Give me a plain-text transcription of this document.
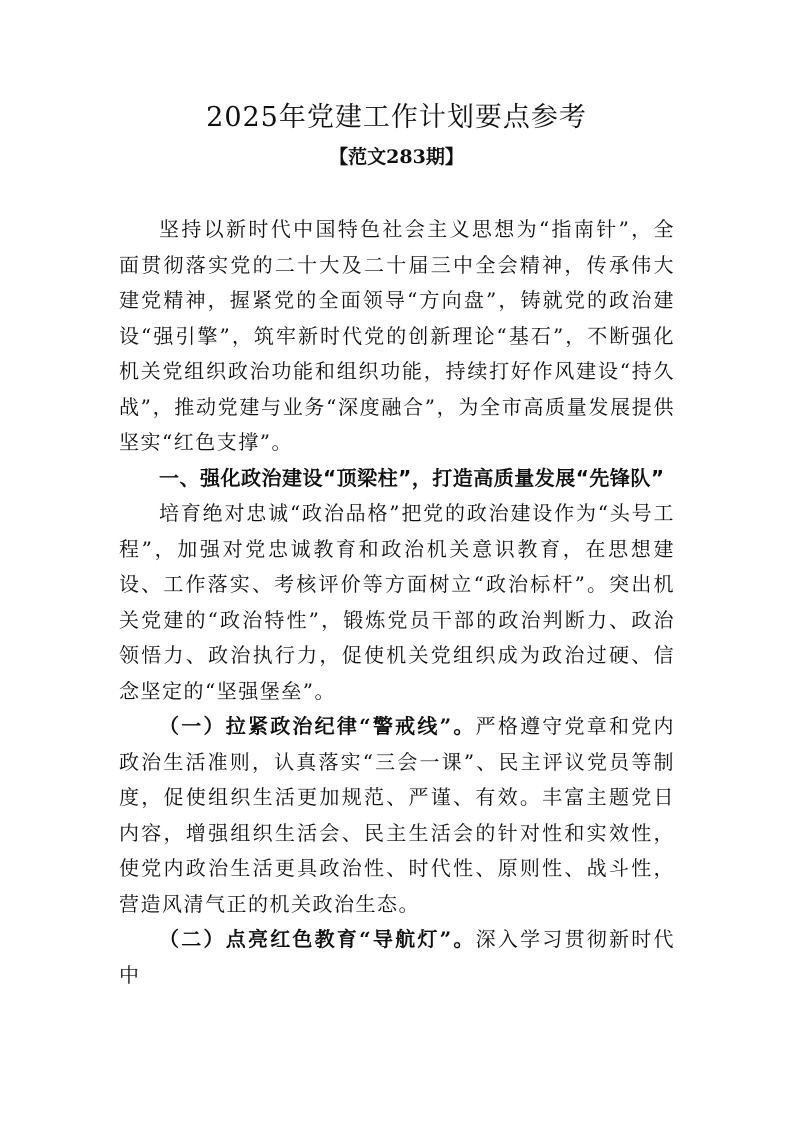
2025年党建工作计划要点参考
【范文283期】

坚持以新时代中国特色社会主义思想为“指南针”，全面贯彻落实党的二十大及二十届三中全会精神，传承伟大建党精神，握紧党的全面领导“方向盘”，铸就党的政治建设“强引擎”，筑牢新时代党的创新理论“基石”，不断强化机关党组织政治功能和组织功能，持续打好作风建设“持久战”，推动党建与业务“深度融合”，为全市高质量发展提供坚实“红色支撑”。

一、强化政治建设“顶梁柱”，打造高质量发展“先锋队”

培育绝对忠诚“政治品格”把党的政治建设作为“头号工程”，加强对党忠诚教育和政治机关意识教育，在思想建设、工作落实、考核评价等方面树立“政治标杆”。突出机关党建的“政治特性”，锻炼党员干部的政治判断力、政治领悟力、政治执行力，促使机关党组织成为政治过硬、信念坚定的“坚强堡垒”。

（一）拉紧政治纪律“警戒线”。严格遵守党章和党内政治生活准则，认真落实“三会一课”、民主评议党员等制度，促使组织生活更加规范、严谨、有效。丰富主题党日内容，增强组织生活会、民主生活会的针对性和实效性，使党内政治生活更具政治性、时代性、原则性、战斗性，营造风清气正的机关政治生态。

（二）点亮红色教育“导航灯”。深入学习贯彻新时代中
